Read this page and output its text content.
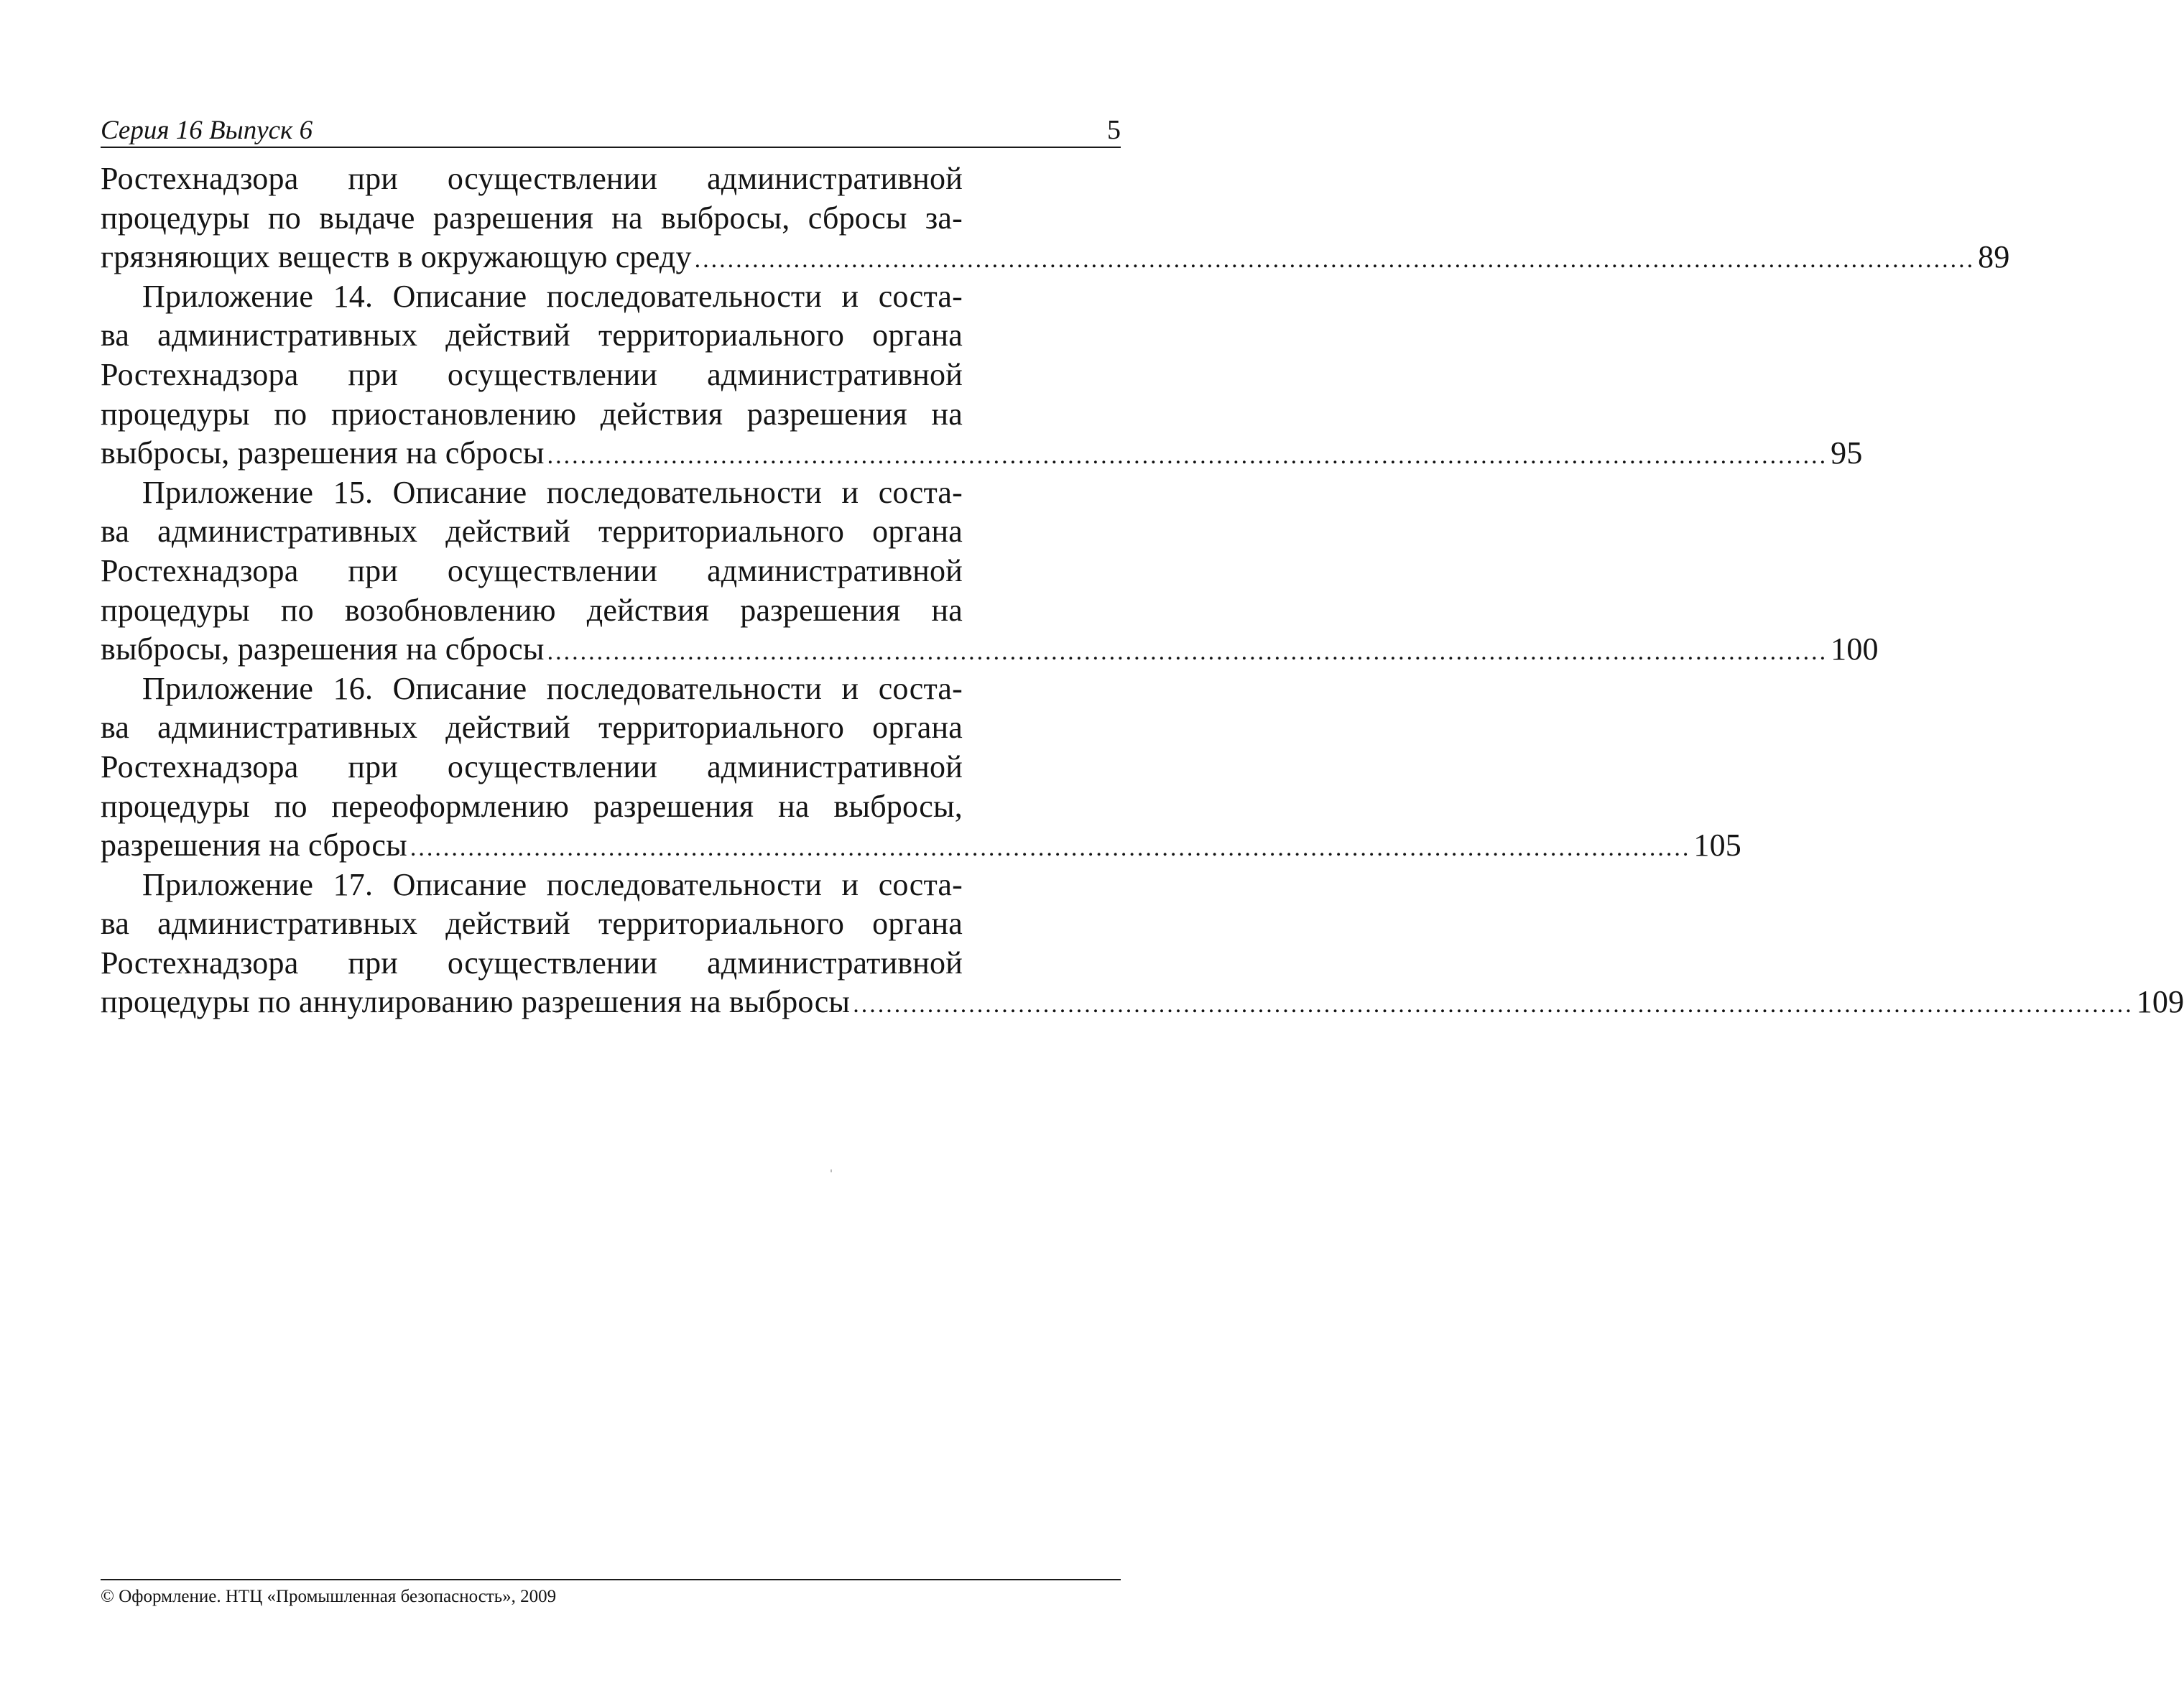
Серия 16 Выпуск 6	5
Ростехнадзора при осуществлении административной
процедуры по выдаче разрешения на выбросы, сбросы за-
грязняющих веществ в окружающую среду ........................................................................................................................................................... 89
Приложение 14. Описание последовательности и соста-
ва административных действий территориального органа
Ростехнадзора при осуществлении административной
процедуры по приостановлению действия разрешения на
выбросы, разрешения на сбросы ........................................................................................................................................................... 95
Приложение 15. Описание последовательности и соста-
ва административных действий территориального органа
Ростехнадзора при осуществлении административной
процедуры по возобновлению действия разрешения на
выбросы, разрешения на сбросы ........................................................................................................................................................... 100
Приложение 16. Описание последовательности и соста-
ва административных действий территориального органа
Ростехнадзора при осуществлении административной
процедуры по переоформлению разрешения на выбросы,
разрешения на сбросы ........................................................................................................................................................... 105
Приложение 17. Описание последовательности и соста-
ва административных действий территориального органа
Ростехнадзора при осуществлении административной
процедуры по аннулированию разрешения на выбросы ........................................................................................................................................................... 109
© Оформление. НТЦ «Промышленная безопасность», 2009
